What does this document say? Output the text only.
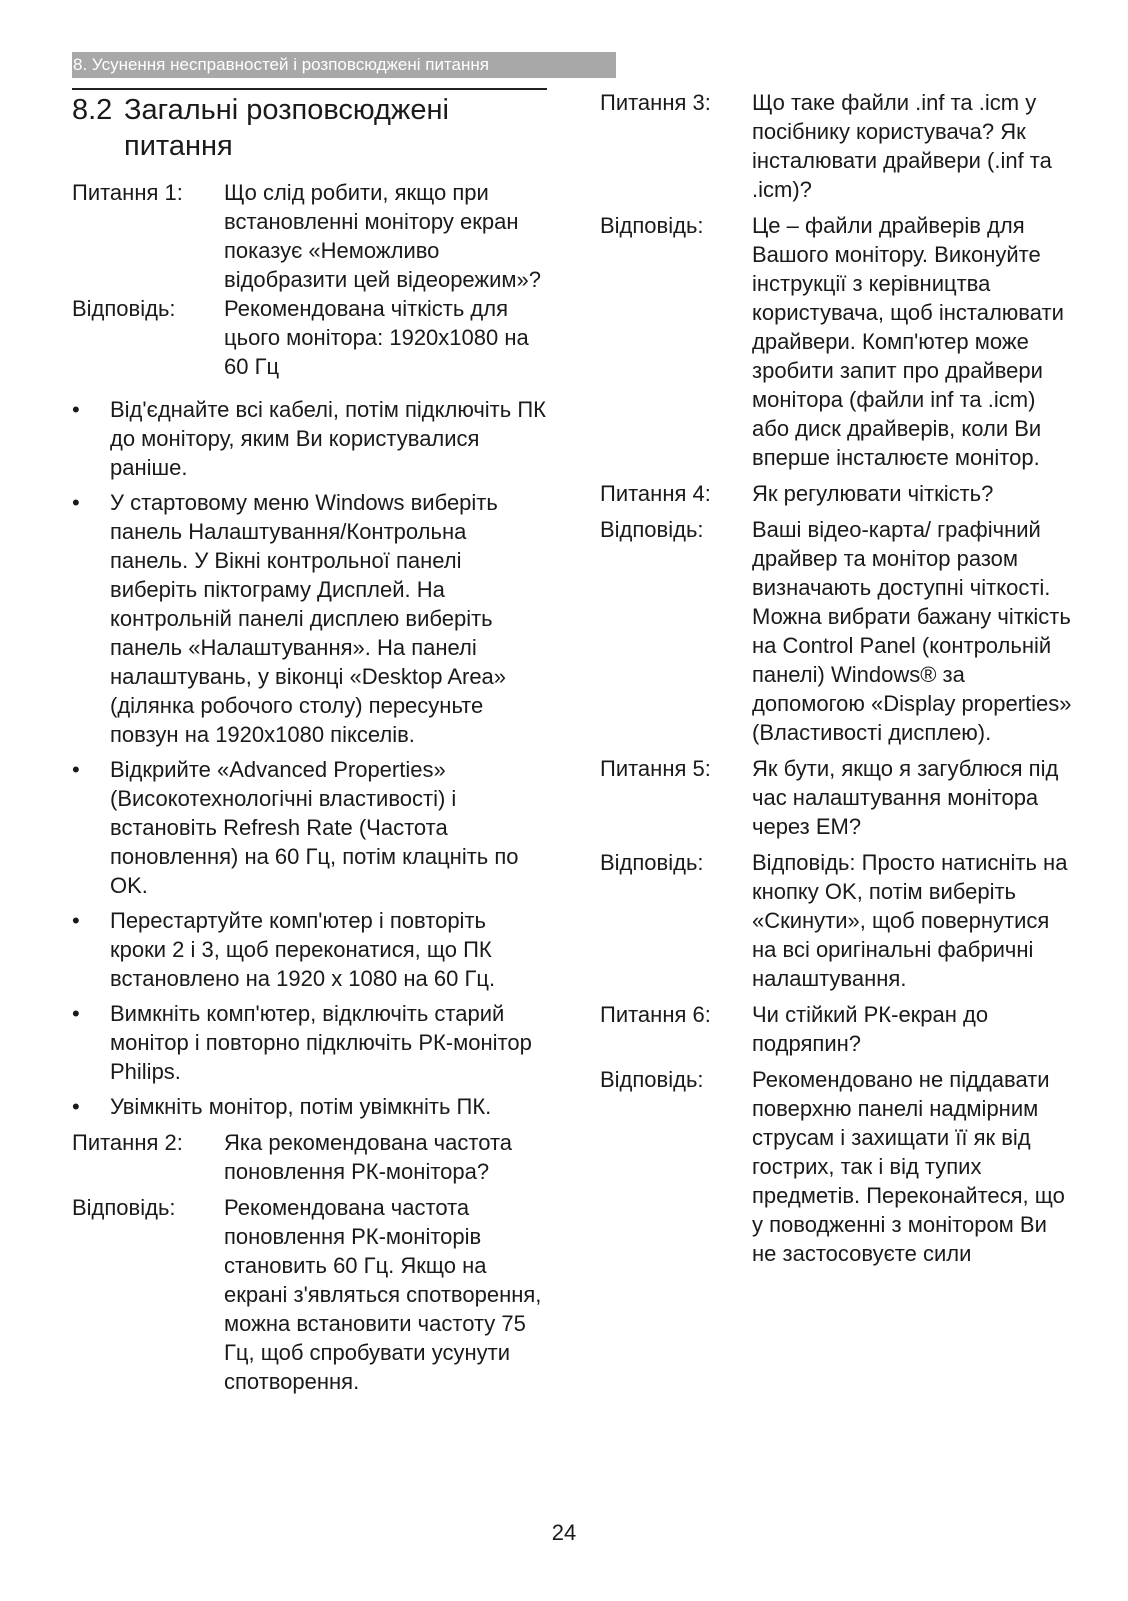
8. Усунення несправностей і розповсюджені питання
8.2 Загальні розповсюджені питання
Питання 1:	Що слід робити, якщо при встановленні монітору екран показує «Неможливо відобразити цей відеорежим»?
Відповідь:	Рекомендована чіткість для цього монітора: 1920x1080 на 60 Гц
•	Від'єднайте всі кабелі, потім підключіть ПК до монітору, яким Ви користувалися раніше.
•	У стартовому меню Windows виберіть панель Налаштування/Контрольна панель. У Вікні контрольної панелі виберіть піктограму Дисплей. На контрольній панелі дисплею виберіть панель «Налаштування». На панелі налаштувань, у віконці «Desktop Area» (ділянка робочого столу) пересуньте повзун на 1920x1080 пікселів.
•	Відкрийте «Advanced Properties» (Високотехнологічні властивості) і встановіть Refresh Rate (Частота поновлення) на 60 Гц, потім клацніть по OK.
•	Перестартуйте комп'ютер і повторіть кроки 2 і 3, щоб переконатися, що ПК встановлено на 1920 x 1080 на 60 Гц.
•	Вимкніть комп'ютер, відключіть старий монітор і повторно підключіть РК-монітор Philips.
•	Увімкніть монітор, потім увімкніть ПК.
Питання 2:	Яка рекомендована частота поновлення РК-монітора?
Відповідь:	Рекомендована частота поновлення РК-моніторів становить 60 Гц. Якщо на екрані з'являться спотворення, можна встановити частоту 75 Гц, щоб спробувати усунути спотворення.
Питання 3:	Що таке файли .inf та .icm у посібнику користувача? Як інсталювати драйвери (.inf та .icm)?
Відповідь:	Це – файли драйверів для Вашого монітору. Виконуйте інструкції з керівництва користувача, щоб інсталювати драйвери. Комп'ютер може зробити запит про драйвери монітора (файли inf та .icm) або диск драйверів, коли Ви вперше інсталюєте монітор.
Питання 4:	Як регулювати чіткість?
Відповідь:	Ваші відео-карта/ графічний драйвер та монітор разом визначають доступні чіткості. Можна вибрати бажану чіткість на Control Panel (контрольній панелі) Windows® за допомогою «Display properties» (Властивості дисплею).
Питання 5:	Як бути, якщо я загублюся під час налаштування монітора через ЕМ?
Відповідь:	Відповідь: Просто натисніть на кнопку OK, потім виберіть «Скинути», щоб повернутися на всі оригінальні фабричні налаштування.
Питання 6:	Чи стійкий РК-екран до подряпин?
Відповідь:	Рекомендовано не піддавати поверхню панелі надмірним струсам і захищати її як від гострих, так і від тупих предметів. Переконайтеся, що у поводженні з монітором Ви не застосовуєте сили
24
